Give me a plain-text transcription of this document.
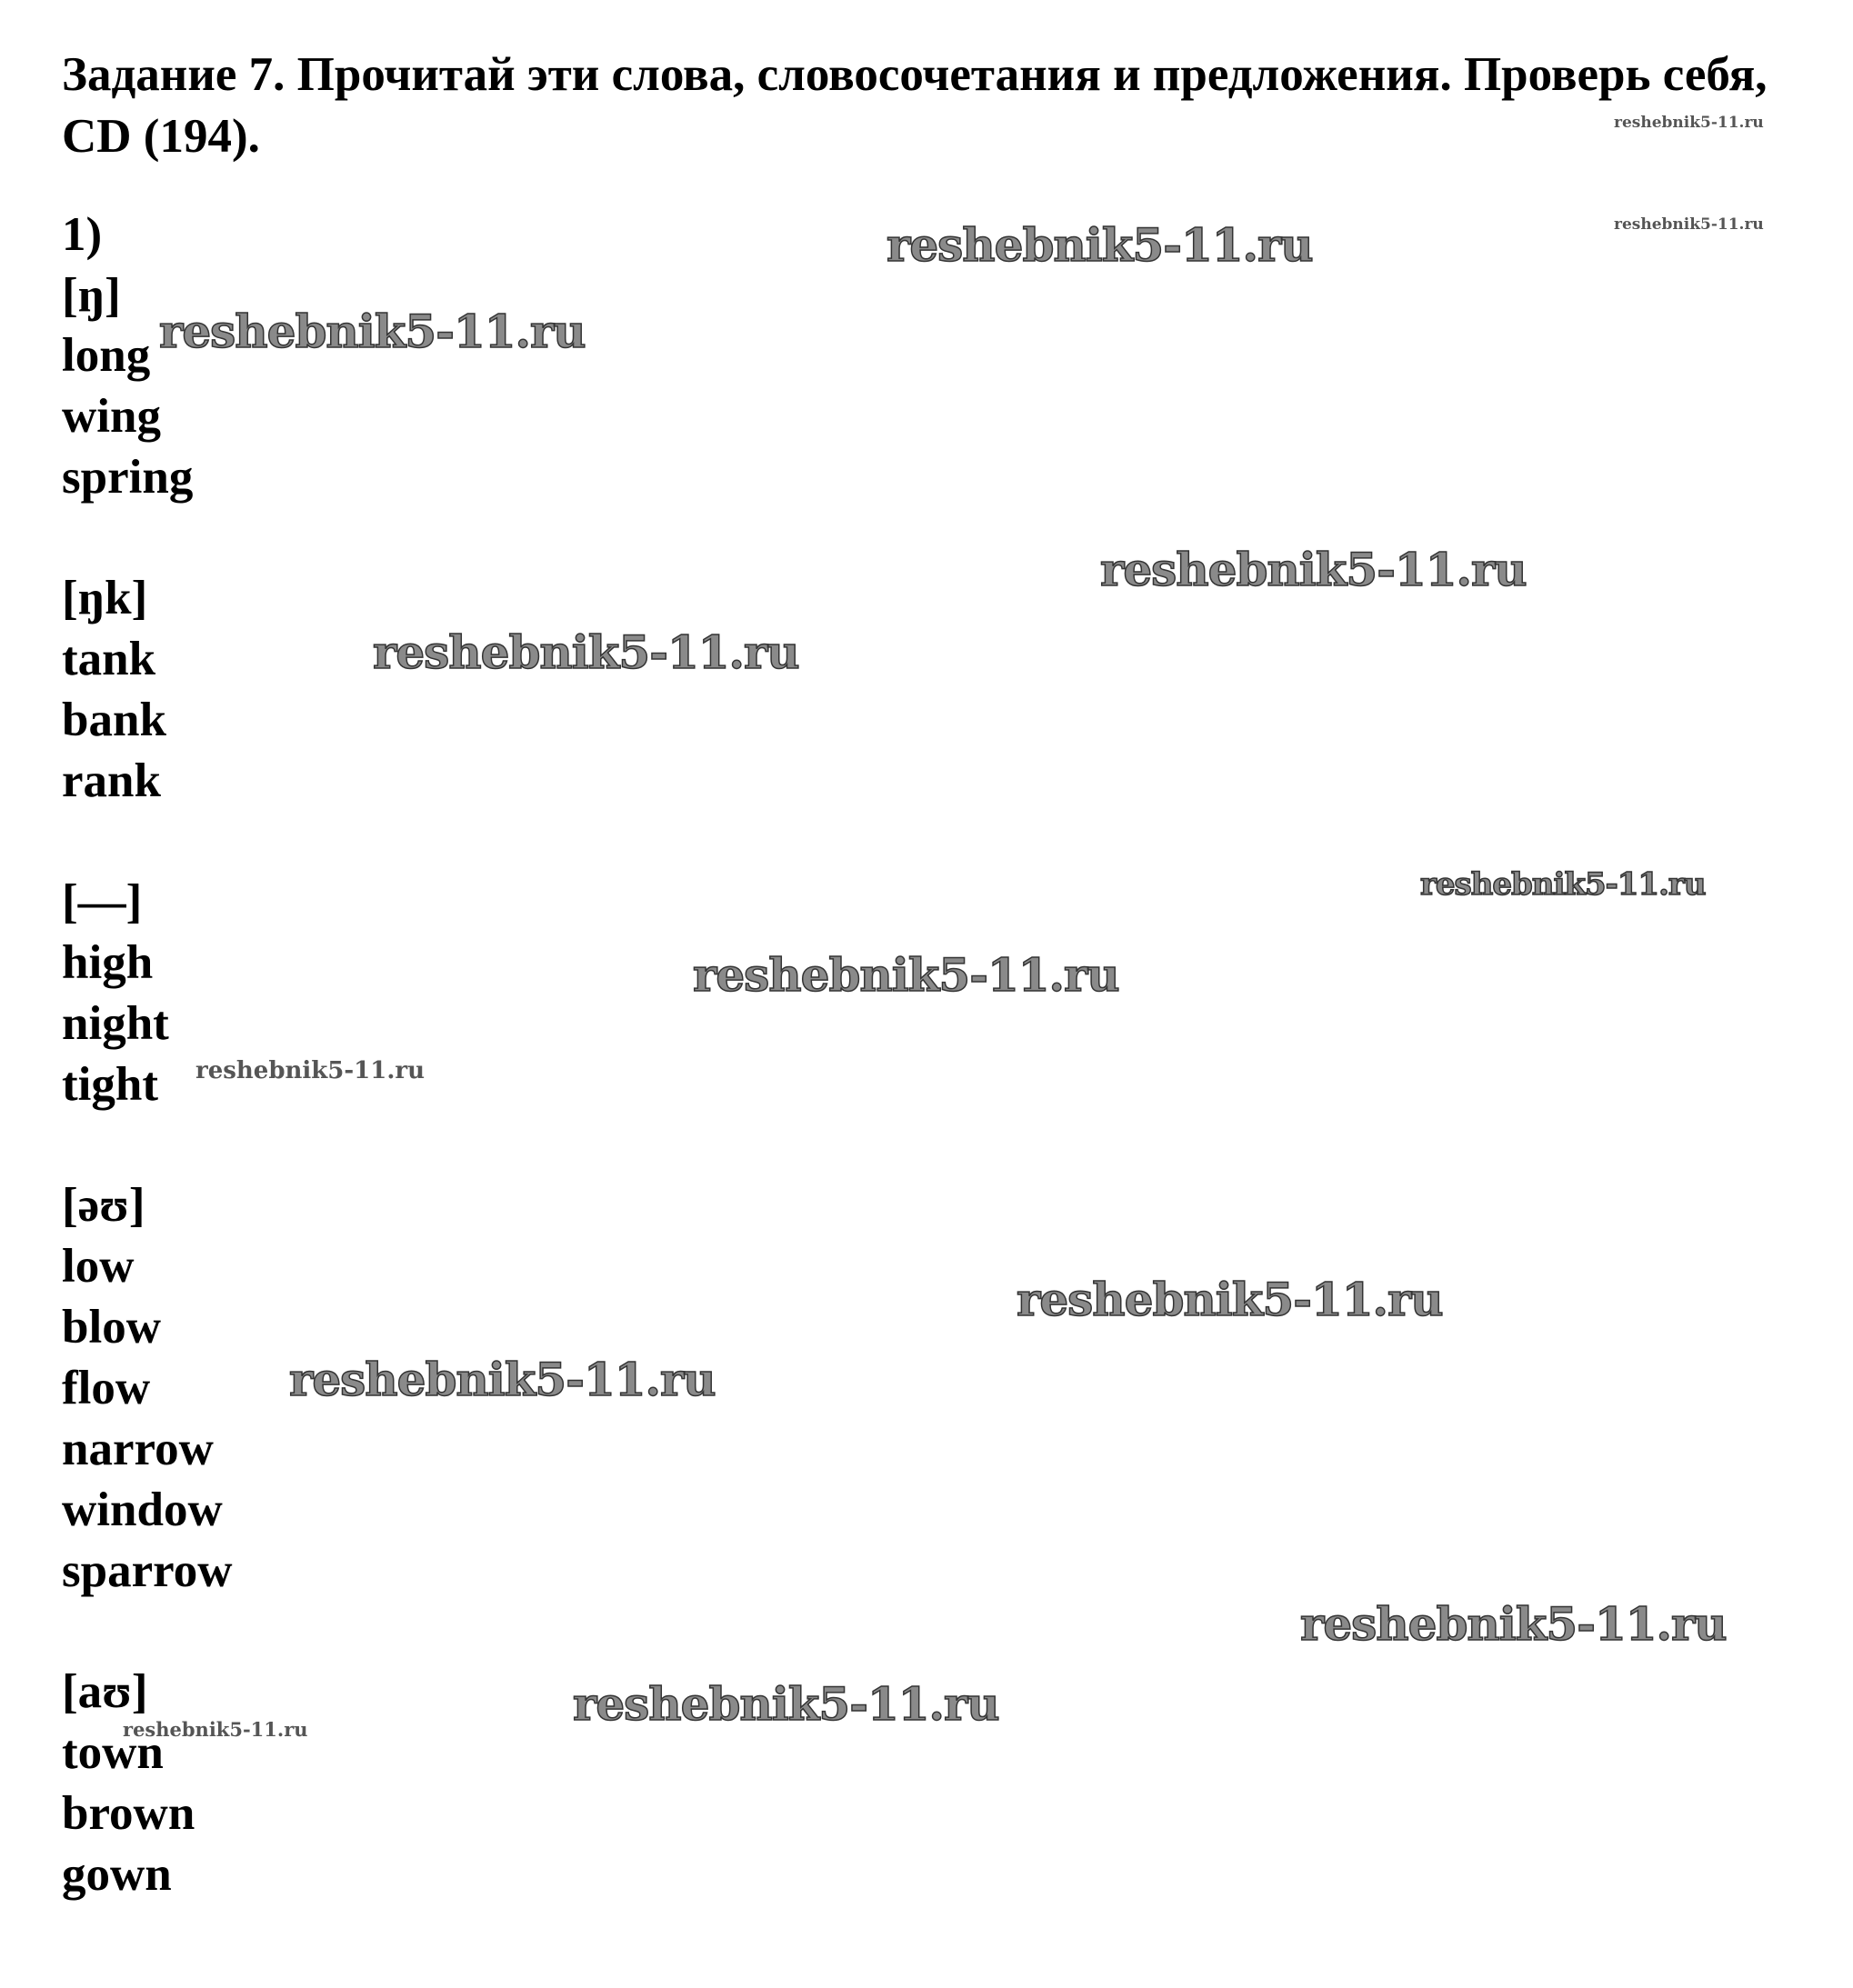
Задание 7. Прочитай эти слова, словосочетания и предложения. Проверь себя, CD (194).
1)
[ŋ]
long
wing
spring
[ŋk]
tank
bank
rank
[—]
high
night
tight
[əʊ]
low
blow
flow
narrow
window
sparrow
[aʊ]
town
brown
gown
reshebnik5-11.ru
reshebnik5-11.ru
reshebnik5-11.ru
reshebnik5-11.ru
reshebnik5-11.ru
reshebnik5-11.ru
reshebnik5-11.ru
reshebnik5-11.ru
reshebnik5-11.ru
reshebnik5-11.ru
reshebnik5-11.ru
reshebnik5-11.ru
reshebnik5-11.ru
reshebnik5-11.ru
